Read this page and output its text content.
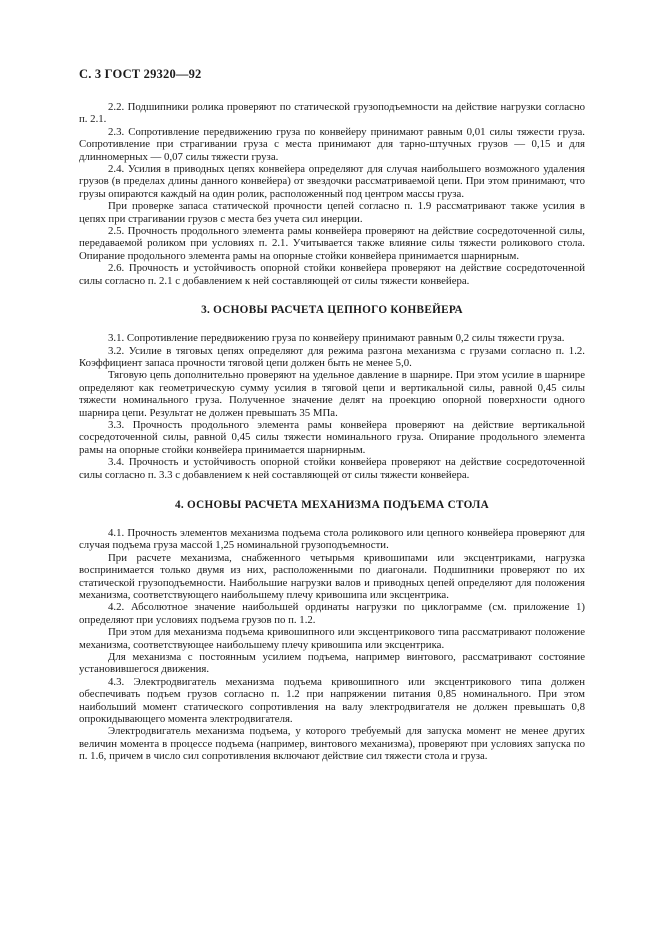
С. 3 ГОСТ 29320—92

2.2. Подшипники ролика проверяют по статической грузоподъемности на действие нагрузки согласно п. 2.1.

2.3. Сопротивление передвижению груза по конвейеру принимают равным 0,01 силы тяжести груза. Сопротивление при страгивании груза с места принимают для тарно-штучных грузов — 0,15 и для длинномерных — 0,07 силы тяжести груза.

2.4. Усилия в приводных цепях конвейера определяют для случая наибольшего возможного удаления грузов (в пределах длины данного конвейера) от звездочки рассматриваемой цепи. При этом принимают, что грузы опираются каждый на один ролик, расположенный под центром массы груза.

При проверке запаса статической прочности цепей согласно п. 1.9 рассматривают также усилия в цепях при страгивании грузов с места без учета сил инерции.

2.5. Прочность продольного элемента рамы конвейера проверяют на действие сосредоточенной силы, передаваемой роликом при условиях п. 2.1. Учитывается также влияние силы тяжести роликового стола. Опирание продольного элемента рамы на опорные стойки конвейера принимается шарнирным.

2.6. Прочность и устойчивость опорной стойки конвейера проверяют на действие сосредоточенной силы согласно п. 2.1 с добавлением к ней составляющей от силы тяжести конвейера.

3. ОСНОВЫ РАСЧЕТА ЦЕПНОГО КОНВЕЙЕРА

3.1. Сопротивление передвижению груза по конвейеру принимают равным 0,2 силы тяжести груза.

3.2. Усилие в тяговых цепях определяют для режима разгона механизма с грузами согласно п. 1.2. Коэффициент запаса прочности тяговой цепи должен быть не менее 5,0.

Тяговую цепь дополнительно проверяют на удельное давление в шарнире. При этом усилие в шарнире определяют как геометрическую сумму усилия в тяговой цепи и вертикальной силы, равной 0,45 силы тяжести номинального груза. Полученное значение делят на проекцию опорной поверхности одного шарнира цепи. Результат не должен превышать 35 МПа.

3.3. Прочность продольного элемента рамы конвейера проверяют на действие вертикальной сосредоточенной силы, равной 0,45 силы тяжести номинального груза. Опирание продольного элемента рамы на опорные стойки конвейера принимается шарнирным.

3.4. Прочность и устойчивость опорной стойки конвейера проверяют на действие сосредоточенной силы согласно п. 3.3 с добавлением к ней составляющей от силы тяжести конвейера.

4. ОСНОВЫ РАСЧЕТА МЕХАНИЗМА ПОДЪЕМА СТОЛА

4.1. Прочность элементов механизма подъема стола роликового или цепного конвейера проверяют для случая подъема груза массой 1,25 номинальной грузоподъемности.

При расчете механизма, снабженного четырьмя кривошипами или эксцентриками, нагрузка воспринимается только двумя из них, расположенными по диагонали. Подшипники проверяют по их статической грузоподъемности. Наибольшие нагрузки валов и приводных цепей определяют для положения механизма, соответствующего наибольшему плечу кривошипа или эксцентрика.

4.2. Абсолютное значение наибольшей ординаты нагрузки по циклограмме (см. приложение 1) определяют при условиях подъема грузов по п. 1.2.

При этом для механизма подъема кривошипного или эксцентрикового типа рассматривают положение механизма, соответствующее наибольшему плечу кривошипа или эксцентрика.

Для механизма с постоянным усилием подъема, например винтового, рассматривают состояние установившегося движения.

4.3. Электродвигатель механизма подъема кривошипного или эксцентрикового типа должен обеспечивать подъем грузов согласно п. 1.2 при напряжении питания 0,85 номинального. При этом наибольший момент статического сопротивления на валу электродвигателя не должен превышать 0,8 опрокидывающего момента электродвигателя.

Электродвигатель механизма подъема, у которого требуемый для запуска момент не менее других величин момента в процессе подъема (например, винтового механизма), проверяют при условиях запуска по п. 1.6, причем в число сил сопротивления включают действие сил тяжести стола и груза.
